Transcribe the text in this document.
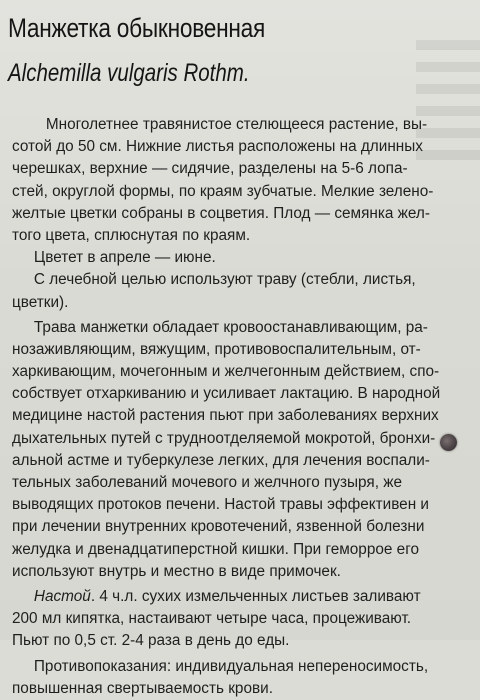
Манжетка обыкновенная
Alchemilla vulgaris Rothm.
Многолетнее травянистое стелющееся растение, вы-
сотой до 50 см. Нижние листья расположены на длинных
черешках, верхние — сидячие, разделены на 5-6 лопа-
стей, округлой формы, по краям зубчатые. Мелкие зелено-
желтые цветки собраны в соцветия. Плод — семянка жел-
того цвета, сплюснутая по краям.
Цветет в апреле — июне.
С лечебной целью используют траву (стебли, листья,
цветки).
Трава манжетки обладает кровоостанавливающим, ра-
нозаживляющим, вяжущим, противовоспалительным, от-
харкивающим, мочегонным и желчегонным действием, спо-
собствует отхаркиванию и усиливает лактацию. В народной
медицине настой растения пьют при заболеваниях верхних
дыхательных путей с трудноотделяемой мокротой, бронхи-
альной астме и туберкулезе легких, для лечения воспали-
тельных заболеваний мочевого и желчного пузыря, же
выводящих протоков печени. Настой травы эффективен и
при лечении внутренних кровотечений, язвенной болезни
желудка и двенадцатиперстной кишки. При геморрое его
используют внутрь и местно в виде примочек.
Настой. 4 ч.л. сухих измельченных листьев заливают
200 мл кипятка, настаивают четыре часа, процеживают.
Пьют по 0,5 ст. 2-4 раза в день до еды.
Противопоказания: индивидуальная непереносимость,
повышенная свертываемость крови.
